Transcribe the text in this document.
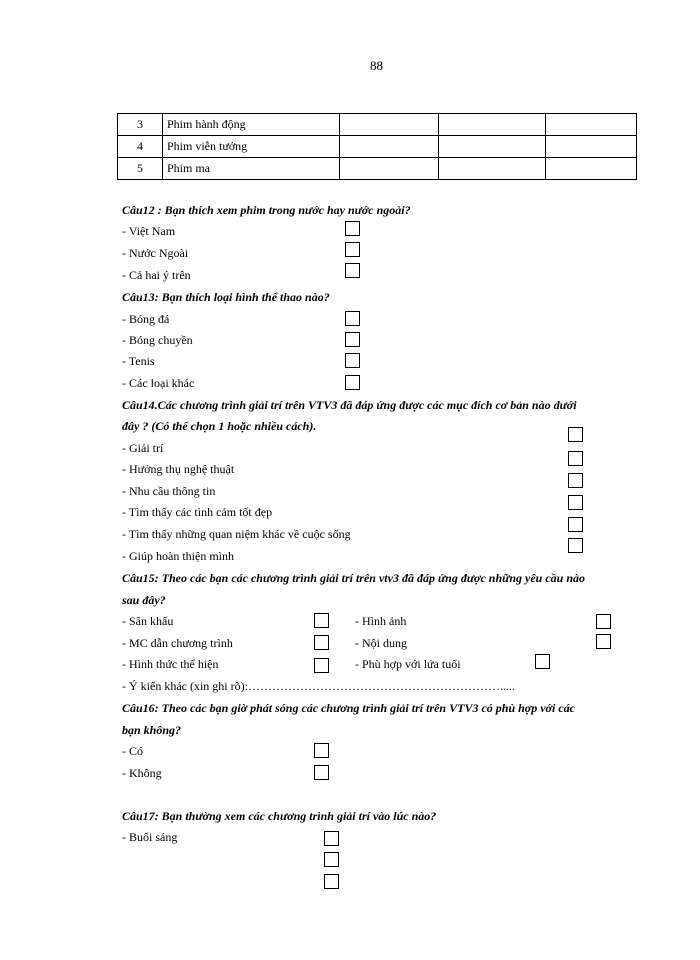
88
3	Phim hành động			
4	Phim viễn tưởng			
5	Phim ma			
Câu12 : Bạn thích xem phim trong nước hay nước ngoài?
- Việt Nam
- Nước Ngoài
- Cả hai ý trên
Câu13: Bạn thích loại hình thể thao nào?
- Bóng đá
- Bóng chuyền
- Tenis
- Các loại khác
Câu14.Các chương trình giải trí trên VTV3 đã đáp ứng được các mục đích cơ bản nào dưới
đây ? (Có thể chọn 1 hoặc nhiều cách).
- Giải trí
- Hưởng thụ nghệ thuật
- Nhu cầu thông tin
- Tìm thấy các tình cảm tốt đẹp
- Tìm thấy những quan niệm khác về cuộc sống
- Giúp hoàn thiện mình
Câu15: Theo các bạn các chương trình giải trí trên vtv3 đã đáp ứng được những yêu cầu nào
sau đây?
- Sân khấu
- MC dẫn chương trình
- Hình thức thể hiện
- Hình ảnh
- Nội dung
- Phù hợp với lứa tuổi
- Ý kiến khác (xin ghi rõ):……………………………………………………….....
Câu16: Theo các bạn giờ phát sóng các chương trình giải trí trên VTV3 có phù hợp với các
bạn không?
- Có
- Không
Câu17: Bạn thường xem các chương trình giải trí vào lúc nào?
- Buổi sáng
